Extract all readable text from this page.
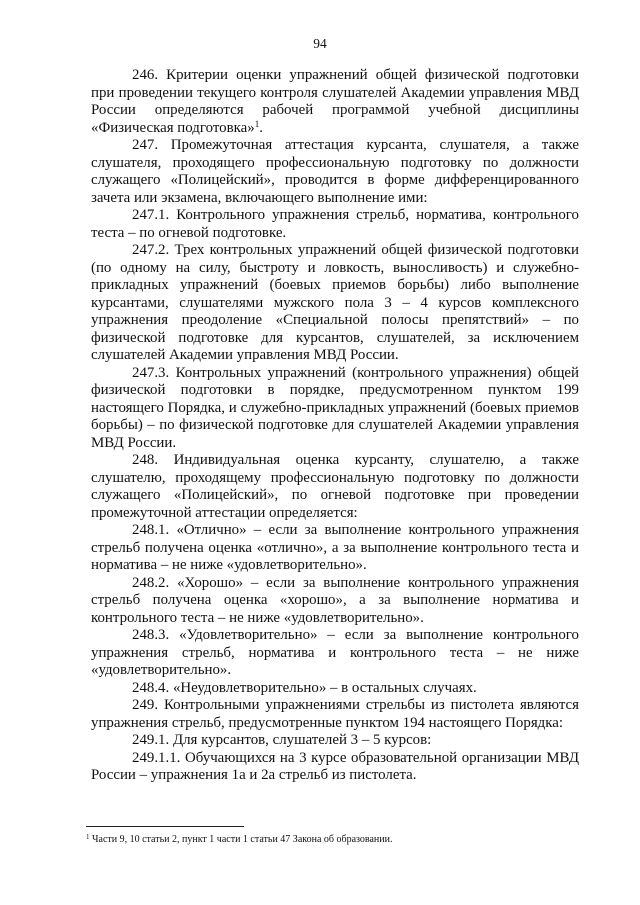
94

246. Критерии оценки упражнений общей физической подготовки при проведении текущего контроля слушателей Академии управления МВД России определяются рабочей программой учебной дисциплины «Физическая подготовка»$^1$.

247. Промежуточная аттестация курсанта, слушателя, а также слушателя, проходящего профессиональную подготовку по должности служащего «Полицейский», проводится в форме дифференцированного зачета или экзамена, включающего выполнение ими:

247.1. Контрольного упражнения стрельб, норматива, контрольного теста – по огневой подготовке.

247.2. Трех контрольных упражнений общей физической подготовки (по одному на силу, быстроту и ловкость, выносливость) и служебно-прикладных упражнений (боевых приемов борьбы) либо выполнение курсантами, слушателями мужского пола 3 – 4 курсов комплексного упражнения преодоление «Специальной полосы препятствий» – по физической подготовке для курсантов, слушателей, за исключением слушателей Академии управления МВД России.

247.3. Контрольных упражнений (контрольного упражнения) общей физической подготовки в порядке, предусмотренном пунктом 199 настоящего Порядка, и служебно-прикладных упражнений (боевых приемов борьбы) – по физической подготовке для слушателей Академии управления МВД России.

248. Индивидуальная оценка курсанту, слушателю, а также слушателю, проходящему профессиональную подготовку по должности служащего «Полицейский», по огневой подготовке при проведении промежуточной аттестации определяется:

248.1. «Отлично» – если за выполнение контрольного упражнения стрельб получена оценка «отлично», а за выполнение контрольного теста и норматива – не ниже «удовлетворительно».

248.2. «Хорошо» – если за выполнение контрольного упражнения стрельб получена оценка «хорошо», а за выполнение норматива и контрольного теста – не ниже «удовлетворительно».

248.3. «Удовлетворительно» – если за выполнение контрольного упражнения стрельб, норматива и контрольного теста – не ниже «удовлетворительно».

248.4. «Неудовлетворительно» – в остальных случаях.

249. Контрольными упражнениями стрельбы из пистолета являются упражнения стрельб, предусмотренные пунктом 194 настоящего Порядка:

249.1. Для курсантов, слушателей 3 – 5 курсов:

249.1.1. Обучающихся на 3 курсе образовательной организации МВД России – упражнения 1а и 2а стрельб из пистолета.

$^1$ Части 9, 10 статьи 2, пункт 1 части 1 статьи 47 Закона об образовании.
